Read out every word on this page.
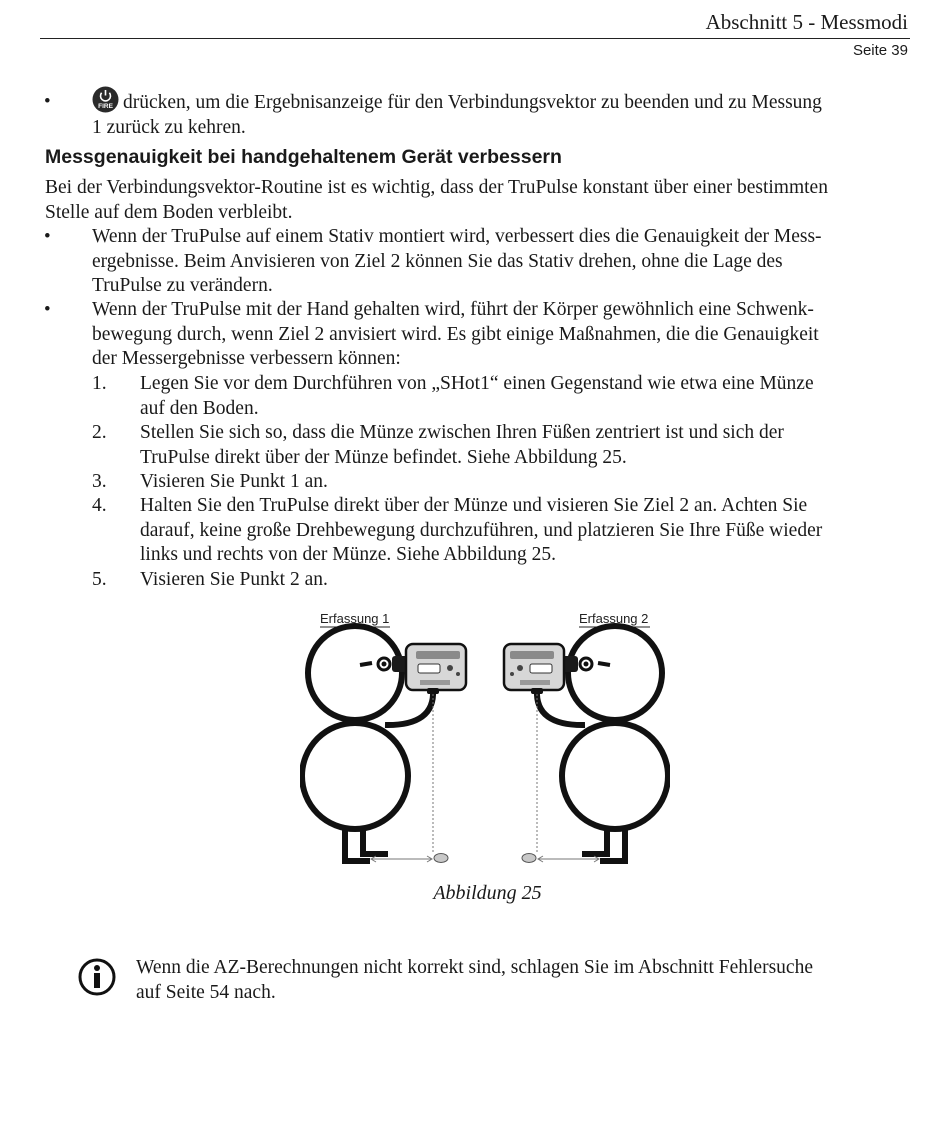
Abschnitt 5 - Messmodi
Seite 39
•	FIRE drücken, um die Ergebnisanzeige für den Verbindungsvektor zu beenden und zu Messung
1 zurück zu kehren.
Messgenauigkeit bei handgehaltenem Gerät verbessern
Bei der Verbindungsvektor-Routine ist es wichtig, dass der TruPulse konstant über einer bestimmten
Stelle auf dem Boden verbleibt.
• Wenn der TruPulse auf einem Stativ montiert wird, verbessert dies die Genauigkeit der Mess-
ergebnisse. Beim Anvisieren von Ziel 2 können Sie das Stativ drehen, ohne die Lage des
TruPulse zu verändern.
• Wenn der TruPulse mit der Hand gehalten wird, führt der Körper gewöhnlich eine Schwenk-
bewegung durch, wenn Ziel 2 anvisiert wird. Es gibt einige Maßnahmen, die die Genauigkeit
der Messergebnisse verbessern können:
1.	Legen Sie vor dem Durchführen von „SHot1“ einen Gegenstand wie etwa eine Münze
auf den Boden.
2.	Stellen Sie sich so, dass die Münze zwischen Ihren Füßen zentriert ist und sich der
TruPulse direkt über der Münze befindet. Siehe Abbildung 25.
3.	Visieren Sie Punkt 1 an.
4.	Halten Sie den TruPulse direkt über der Münze und visieren Sie Ziel 2 an. Achten Sie
darauf, keine große Drehbewegung durchzuführen, und platzieren Sie Ihre Füße wieder
links und rechts von der Münze. Siehe Abbildung 25.
5.	Visieren Sie Punkt 2 an.
Erfassung 1	Erfassung 2
Abbildung 25
Wenn die AZ-Berechnungen nicht korrekt sind, schlagen Sie im Abschnitt Fehlersuche
auf Seite 54 nach.
